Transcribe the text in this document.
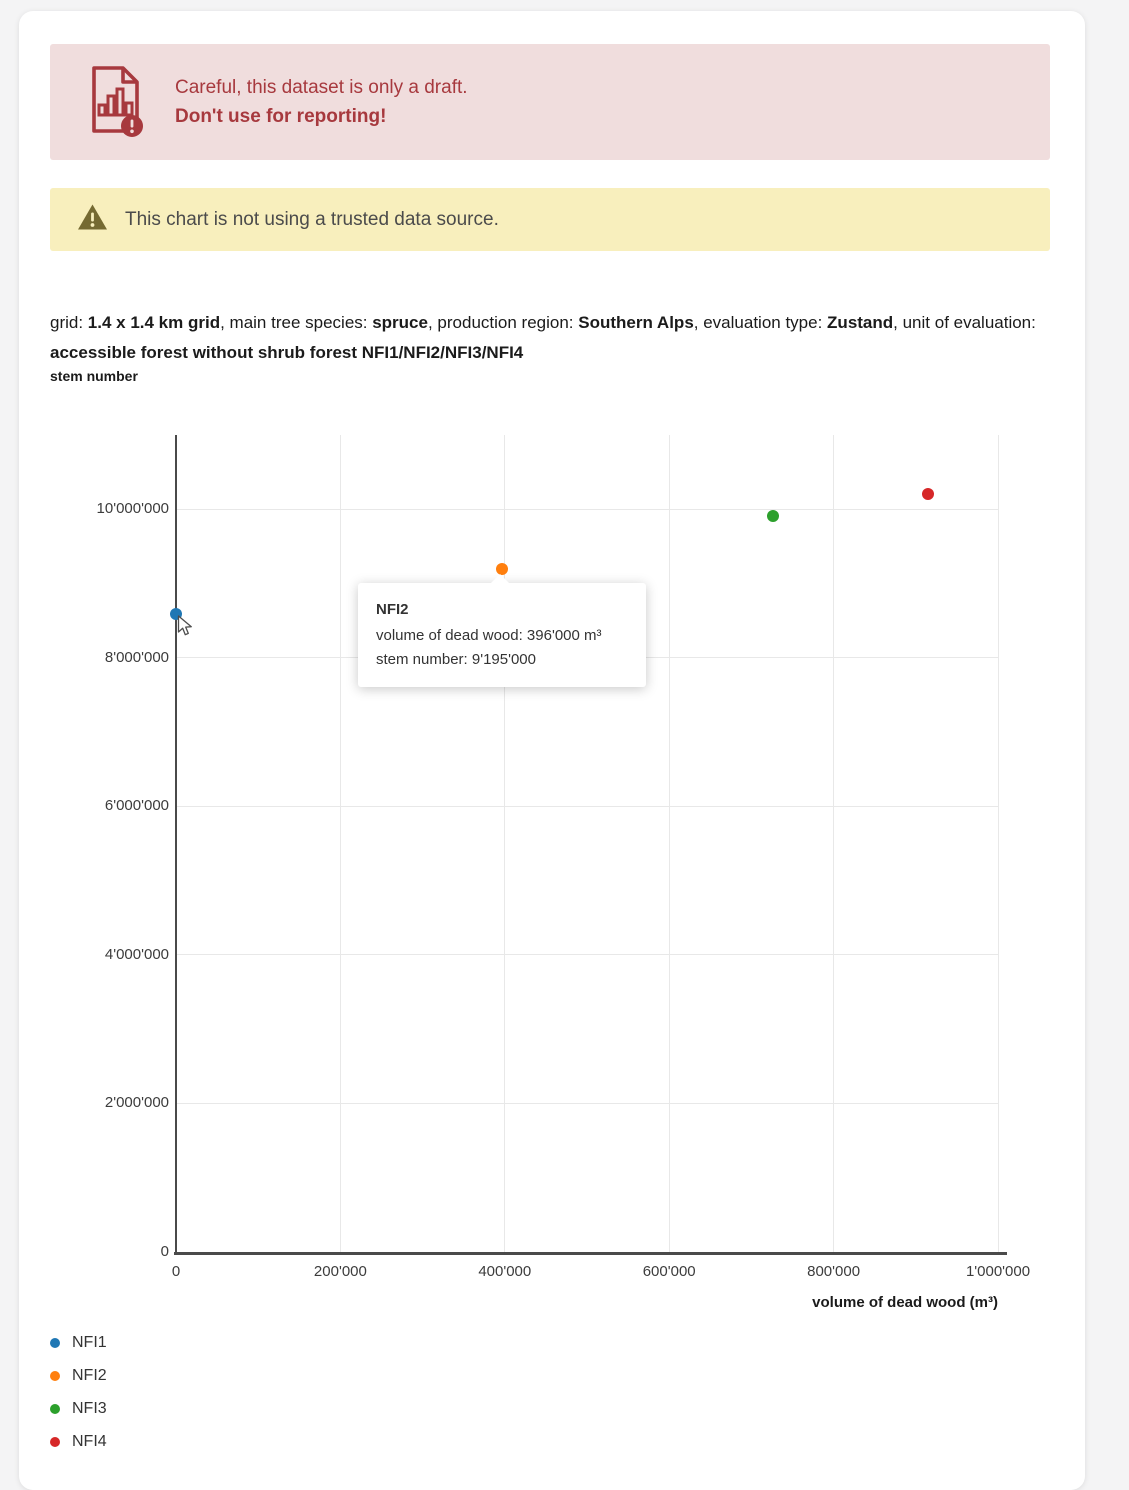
Careful, this dataset is only a draft.
Don't use for reporting!
This chart is not using a trusted data source.

grid: 1.4 x 1.4 km grid, main tree species: spruce, production region: Southern Alps, evaluation type: Zustand, unit of evaluation: accessible forest without shrub forest NFI1/NFI2/NFI3/NFI4

stem number
0	200'000	400'000	600'000	800'000	1'000'000
0
2'000'000
4'000'000
6'000'000
8'000'000
10'000'000
NFI1
NFI2
NFI3
NFI4
volume of dead wood (m³)
NFI2
volume of dead wood: 396'000 m³
stem number: 9'195'000
